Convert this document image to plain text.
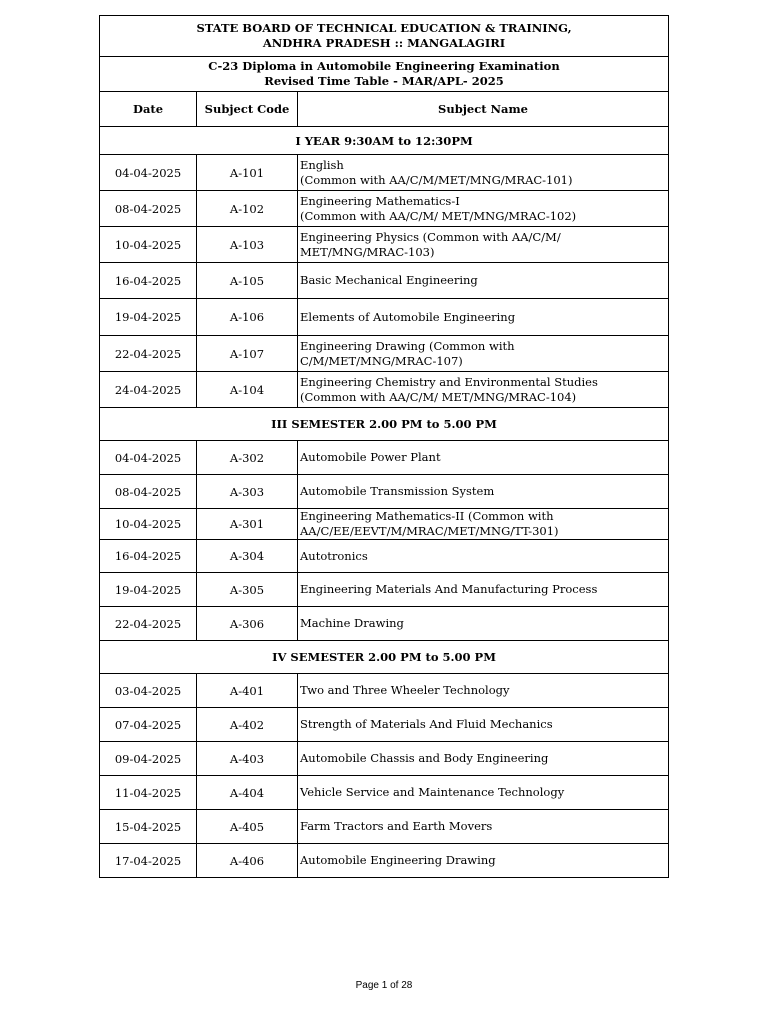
STATE BOARD OF TECHNICAL EDUCATION & TRAINING,
ANDHRA PRADESH :: MANGALAGIRI		

C-23 Diploma in Automobile Engineering Examination
Revised Time Table - MAR/APL- 2025		

Date	Subject Code	Subject Name
I YEAR 9:30AM to 12:30PM		
04-04-2025	A-101	English
(Common with AA/C/M/MET/MNG/MRAC-101)

08-04-2025	A-102	Engineering Mathematics-I
(Common with AA/C/M/ MET/MNG/MRAC-102)

10-04-2025	A-103	Engineering Physics (Common with AA/C/M/
MET/MNG/MRAC-103)

16-04-2025	A-105	Basic Mechanical Engineering

19-04-2025	A-106	Elements of Automobile Engineering

22-04-2025	A-107	Engineering Drawing (Common with
C/M/MET/MNG/MRAC-107)

24-04-2025	A-104	Engineering Chemistry and Environmental Studies
(Common with AA/C/M/ MET/MNG/MRAC-104)

III SEMESTER 2.00 PM to 5.00 PM		
04-04-2025	A-302	Automobile Power Plant

08-04-2025	A-303	Automobile Transmission System

10-04-2025	A-301	Engineering Mathematics-II (Common with
AA/C/EE/EEVT/M/MRAC/MET/MNG/TT-301)

16-04-2025	A-304	Autotronics

19-04-2025	A-305	Engineering Materials And Manufacturing Process

22-04-2025	A-306	Machine Drawing

IV SEMESTER 2.00 PM to 5.00 PM		
03-04-2025	A-401	Two and Three Wheeler Technology

07-04-2025	A-402	Strength of Materials And Fluid Mechanics

09-04-2025	A-403	Automobile Chassis and Body Engineering

11-04-2025	A-404	Vehicle Service and Maintenance Technology

15-04-2025	A-405	Farm Tractors and Earth Movers

17-04-2025	A-406	Automobile Engineering Drawing
Page 1 of 28
